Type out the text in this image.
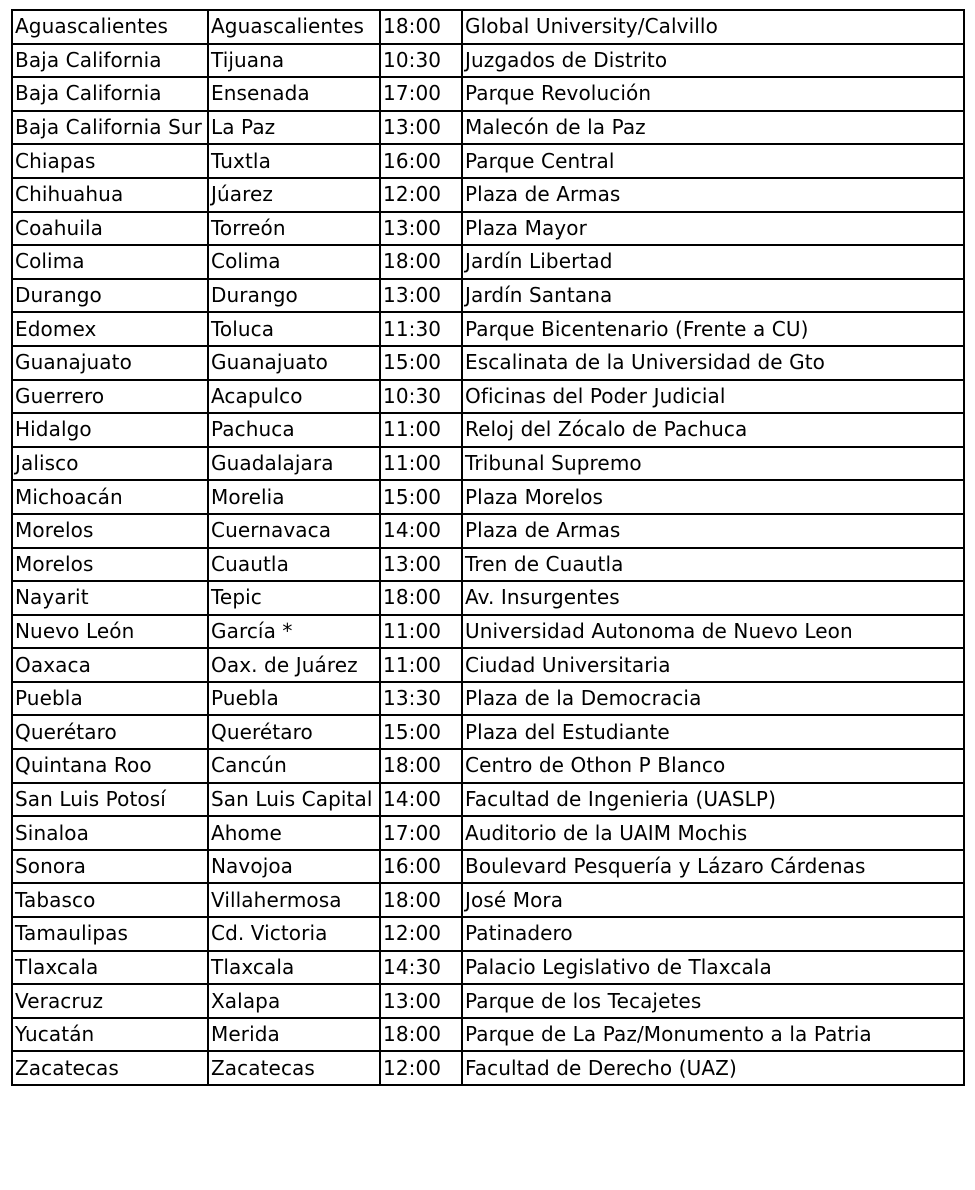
Aguascalientes	Aguascalientes	18:00	Global University/Calvillo
Baja California	Tijuana	10:30	Juzgados de Distrito
Baja California	Ensenada	17:00	Parque Revolución
Baja California Sur	La Paz	13:00	Malecón de la Paz
Chiapas	Tuxtla	16:00	Parque Central
Chihuahua	Júarez	12:00	Plaza de Armas
Coahuila	Torreón	13:00	Plaza Mayor
Colima	Colima	18:00	Jardín Libertad
Durango	Durango	13:00	Jardín Santana
Edomex	Toluca	11:30	Parque Bicentenario (Frente a CU)
Guanajuato	Guanajuato	15:00	Escalinata de la Universidad de Gto
Guerrero	Acapulco	10:30	Oficinas del Poder Judicial
Hidalgo	Pachuca	11:00	Reloj del Zócalo de Pachuca
Jalisco	Guadalajara	11:00	Tribunal Supremo
Michoacán	Morelia	15:00	Plaza Morelos
Morelos	Cuernavaca	14:00	Plaza de Armas
Morelos	Cuautla	13:00	Tren de Cuautla
Nayarit	Tepic	18:00	Av. Insurgentes
Nuevo León	García *	11:00	Universidad Autonoma de Nuevo Leon
Oaxaca	Oax. de Juárez	11:00	Ciudad Universitaria
Puebla	Puebla	13:30	Plaza de la Democracia
Querétaro	Querétaro	15:00	Plaza del Estudiante
Quintana Roo	Cancún	18:00	Centro de Othon P Blanco
San Luis Potosí	San Luis Capital	14:00	Facultad de Ingenieria (UASLP)
Sinaloa	Ahome	17:00	Auditorio de la UAIM Mochis
Sonora	Navojoa	16:00	Boulevard Pesquería y Lázaro Cárdenas
Tabasco	Villahermosa	18:00	José Mora
Tamaulipas	Cd. Victoria	12:00	Patinadero
Tlaxcala	Tlaxcala	14:30	Palacio Legislativo de Tlaxcala
Veracruz	Xalapa	13:00	Parque de los Tecajetes
Yucatán	Merida	18:00	Parque de La Paz/Monumento a la Patria
Zacatecas	Zacatecas	12:00	Facultad de Derecho (UAZ)
